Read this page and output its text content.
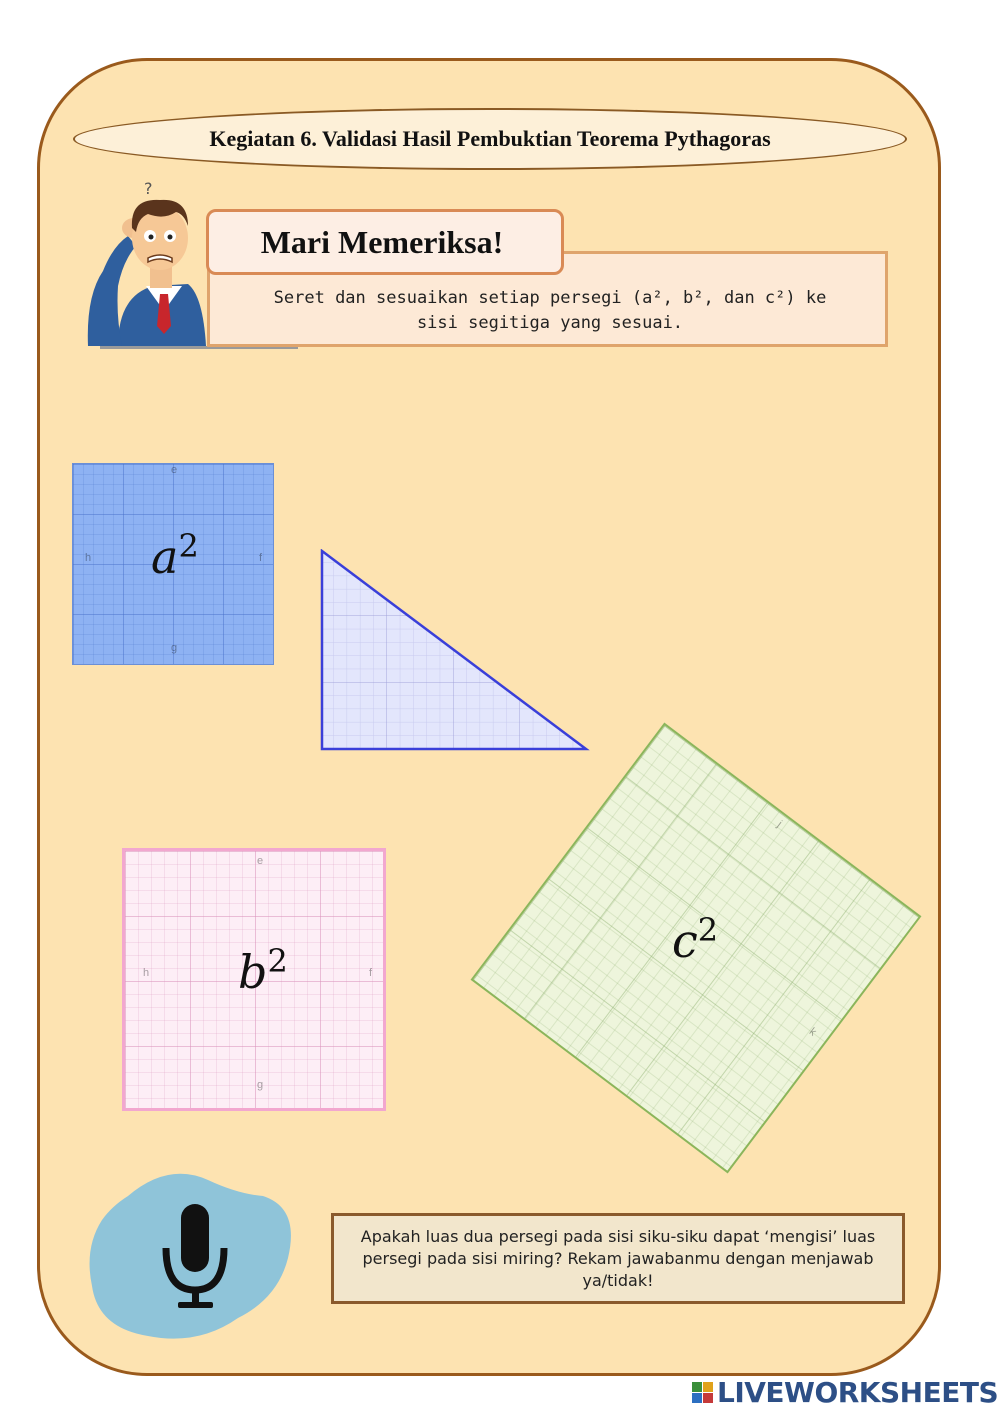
Kegiatan 6. Validasi Hasil Pembuktian Teorema Pythagoras
?
Seret dan sesuaikan setiap persegi (a², b², dan c²) ke
sisi segitiga yang sesuai.
Mari Memeriksa!
e
h	f
g
$a^2$
e
h	f
g
$b^2$
j
k
$c^2$
Apakah luas dua persegi pada sisi siku-siku dapat ‘mengisi’ luas persegi pada sisi miring? Rekam jawabanmu dengan menjawab ya/tidak!
LIVEWORKSHEETS
